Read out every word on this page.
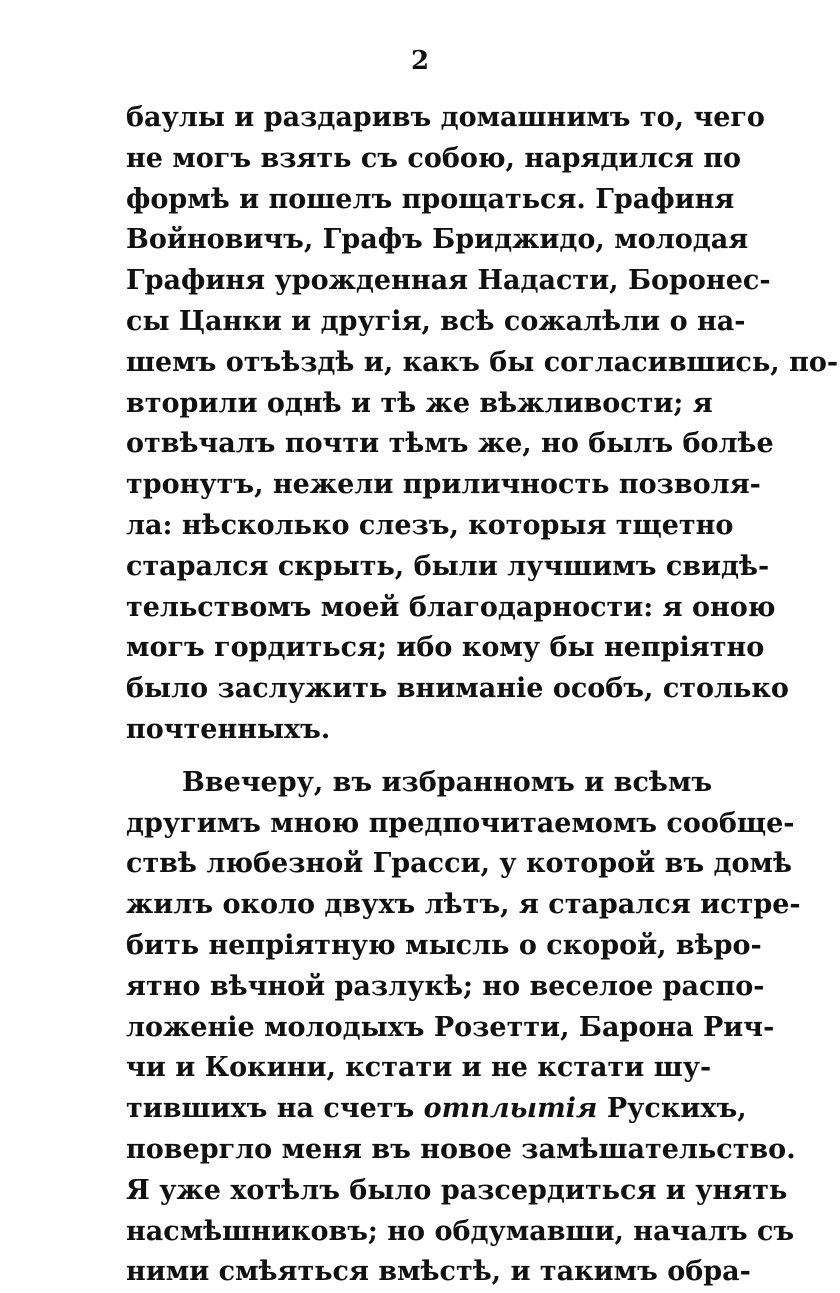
2
баулы и раздаривъ домашнимъ то, чего
не могъ взять съ собою, нарядился по
формѣ и пошелъ прощаться. Графиня
Войновичъ, Графъ Бриджидо, молодая
Графиня урожденная Надасти, Боронес-
сы Цанки и другія, всѣ сожалѣли о на-
шемъ отъѣздѣ и, какъ бы согласившись, по-
вторили однѣ и тѣ же вѣжливости; я
отвѣчалъ почти тѣмъ же, но былъ болѣе
тронутъ, нежели приличность позволя-
ла: нѣсколько слезъ, которыя тщетно
старался скрыть, были лучшимъ свидѣ-
тельствомъ моей благодарности: я оною
могъ гордиться; ибо кому бы непріятно
было заслужить вниманіе особъ, столько
почтенныхъ.
Ввечеру, въ избранномъ и всѣмъ
другимъ мною предпочитаемомъ сообще-
ствѣ любезной Грасси, у которой въ домѣ
жилъ около двухъ лѣтъ, я старался истре-
бить непріятную мысль о скорой, вѣро-
ятно вѣчной разлукѣ; но веселое распо-
ложеніе молодыхъ Розетти, Барона Рич-
чи и Кокини, кстати и не кстати шу-
тившихъ на счетъ отплытія Рускихъ,
повергло меня въ новое замѣшательство.
Я уже хотѣлъ было разсердиться и унять
насмѣшниковъ; но обдумавши, началъ съ
ними смѣяться вмѣстѣ, и такимъ обра-
